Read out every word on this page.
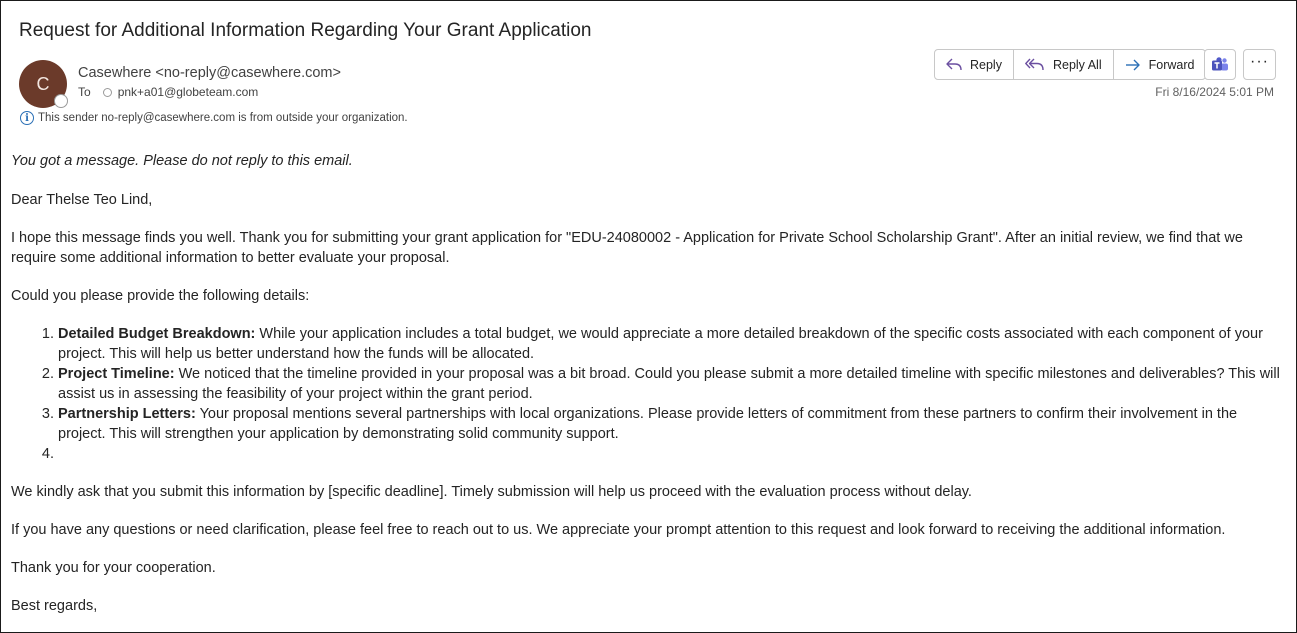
Request for Additional Information Regarding Your Grant Application
C
Casewhere <no-reply@casewhere.com>
To pnk+a01@globeteam.com
i This sender no-reply@casewhere.com is from outside your organization.
Reply	Reply All	Forward	···
Fri 8/16/2024 5:01 PM

You got a message. Please do not reply to this email.

Dear Thelse Teo Lind,

I hope this message finds you well. Thank you for submitting your grant application for "EDU-24080002 - Application for Private School Scholarship Grant". After an initial review, we find that we require some additional information to better evaluate your proposal.

Could you please provide the following details:

1. Detailed Budget Breakdown: While your application includes a total budget, we would appreciate a more detailed breakdown of the specific costs associated with each component of your project. This will help us better understand how the funds will be allocated.
2. Project Timeline: We noticed that the timeline provided in your proposal was a bit broad. Could you please submit a more detailed timeline with specific milestones and deliverables? This will assist us in assessing the feasibility of your project within the grant period.
3. Partnership Letters: Your proposal mentions several partnerships with local organizations. Please provide letters of commitment from these partners to confirm their involvement in the project. This will strengthen your application by demonstrating solid community support.
4.

We kindly ask that you submit this information by [specific deadline]. Timely submission will help us proceed with the evaluation process without delay.

If you have any questions or need clarification, please feel free to reach out to us. We appreciate your prompt attention to this request and look forward to receiving the additional information.

Thank you for your cooperation.

Best regards,
